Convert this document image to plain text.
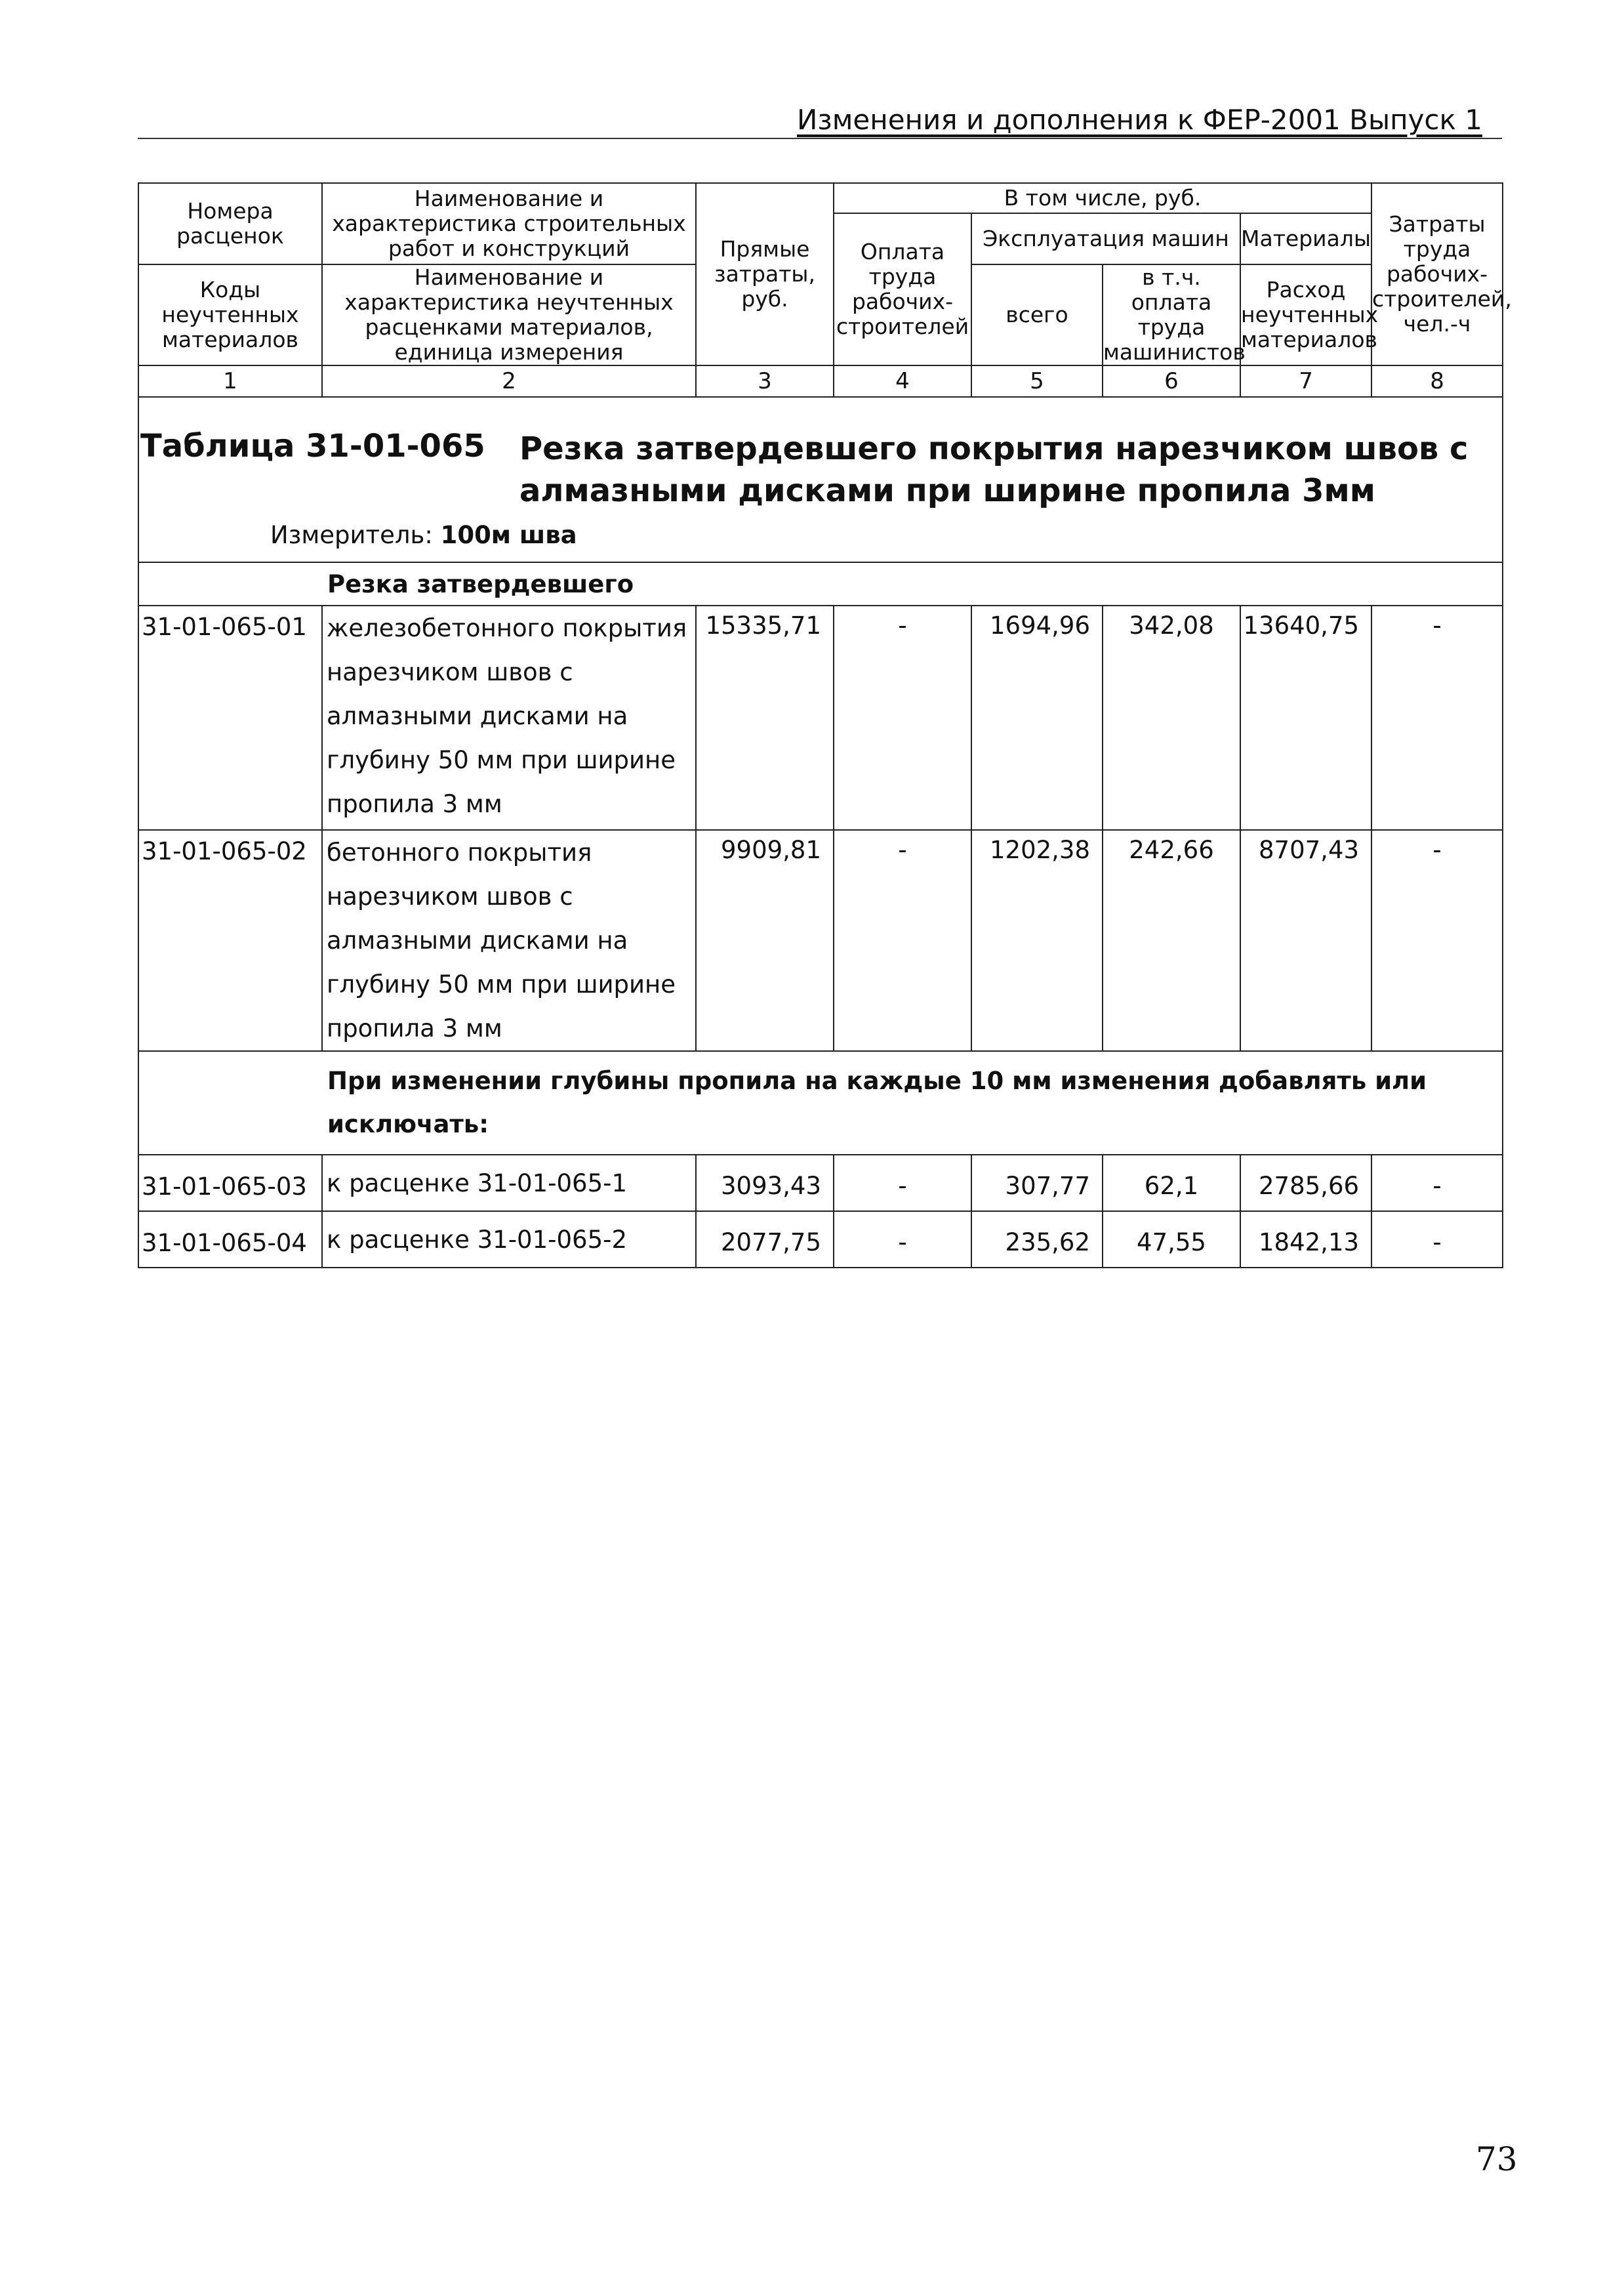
Изменения и дополнения к ФЕР-2001 Выпуск 1
Номера расценок	Наименование и характеристика строительных работ и конструкций	Прямые затраты, руб.	В том числе, руб.				Затраты труда рабочих-строителей, чел.-ч
			Оплата труда рабочих-строителей	Эксплуатация машин		Материалы	
Коды неучтенных материалов	Наименование и характеристика неучтенных расценками материалов, единица измерения			всего	в т.ч. оплата труда машинистов	Расход неучтенных материалов	

1	2	3	4	5	6	7	8

Таблица 31-01-065 Резка затвердевшего покрытия нарезчиком швов с алмазными дисками при ширине пропила 3мм
Измеритель: 100м шва							

	Резка затвердевшего						
31-01-065-01	железобетонного покрытия нарезчиком швов с алмазными дисками на глубину 50 мм при ширине пропила 3 мм	15335,71	-	1694,96	342,08	13640,75	-
31-01-065-02	бетонного покрытия нарезчиком швов с алмазными дисками на глубину 50 мм при ширине пропила 3 мм	9909,81	-	1202,38	242,66	8707,43	-
	При изменении глубины пропила на каждые 10 мм изменения добавлять или исключать:						
31-01-065-03	к расценке 31-01-065-1	3093,43	-	307,77	62,1	2785,66	-
31-01-065-04	к расценке 31-01-065-2	2077,75	-	235,62	47,55	1842,13	-
73
